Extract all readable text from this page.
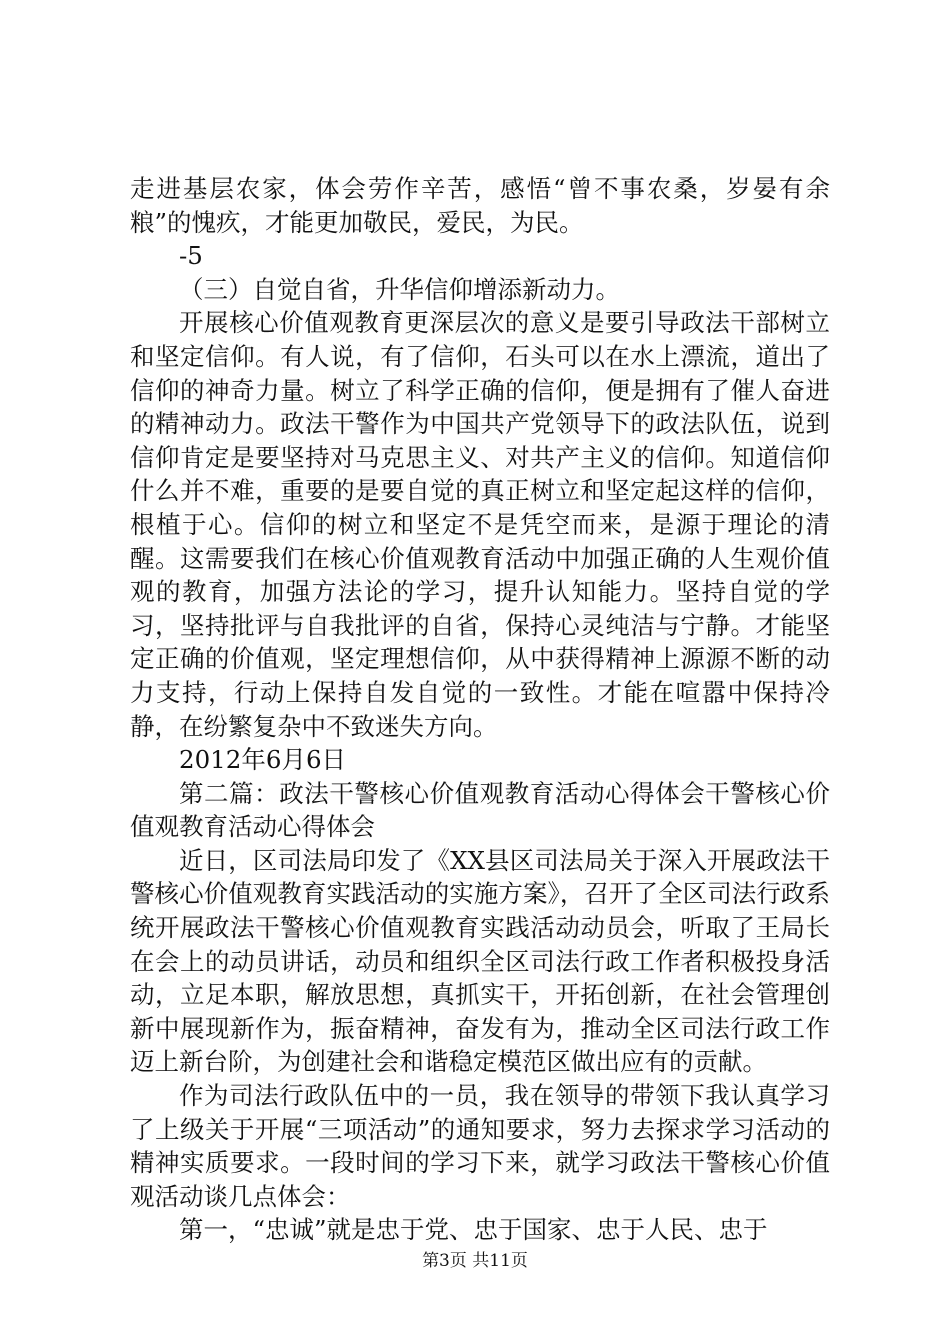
走进基层农家，体会劳作辛苦，感悟“曾不事农桑，岁晏有余粮”的愧疚，才能更加敬民，爱民，为民。

-5

（三）自觉自省，升华信仰增添新动力。

开展核心价值观教育更深层次的意义是要引导政法干部树立和坚定信仰。有人说，有了信仰，石头可以在水上漂流，道出了信仰的神奇力量。树立了科学正确的信仰，便是拥有了催人奋进的精神动力。政法干警作为中国共产党领导下的政法队伍，说到信仰肯定是要坚持对马克思主义、对共产主义的信仰。知道信仰什么并不难，重要的是要自觉的真正树立和坚定起这样的信仰，根植于心。信仰的树立和坚定不是凭空而来，是源于理论的清醒。这需要我们在核心价值观教育活动中加强正确的人生观价值观的教育，加强方法论的学习，提升认知能力。坚持自觉的学习，坚持批评与自我批评的自省，保持心灵纯洁与宁静。才能坚定正确的价值观，坚定理想信仰，从中获得精神上源源不断的动力支持，行动上保持自发自觉的一致性。才能在喧嚣中保持冷静，在纷繁复杂中不致迷失方向。

2012年6月6日

第二篇：政法干警核心价值观教育活动心得体会干警核心价值观教育活动心得体会

近日，区司法局印发了《XX县区司法局关于深入开展政法干警核心价值观教育实践活动的实施方案》，召开了全区司法行政系统开展政法干警核心价值观教育实践活动动员会，听取了王局长在会上的动员讲话，动员和组织全区司法行政工作者积极投身活动，立足本职，解放思想，真抓实干，开拓创新，在社会管理创新中展现新作为，振奋精神，奋发有为，推动全区司法行政工作迈上新台阶，为创建社会和谐稳定模范区做出应有的贡献。

作为司法行政队伍中的一员，我在领导的带领下我认真学习了上级关于开展“三项活动”的通知要求，努力去探求学习活动的精神实质要求。一段时间的学习下来，就学习政法干警核心价值观活动谈几点体会：

第一，“忠诚”就是忠于党、忠于国家、忠于人民、忠于

第3页 共11页
